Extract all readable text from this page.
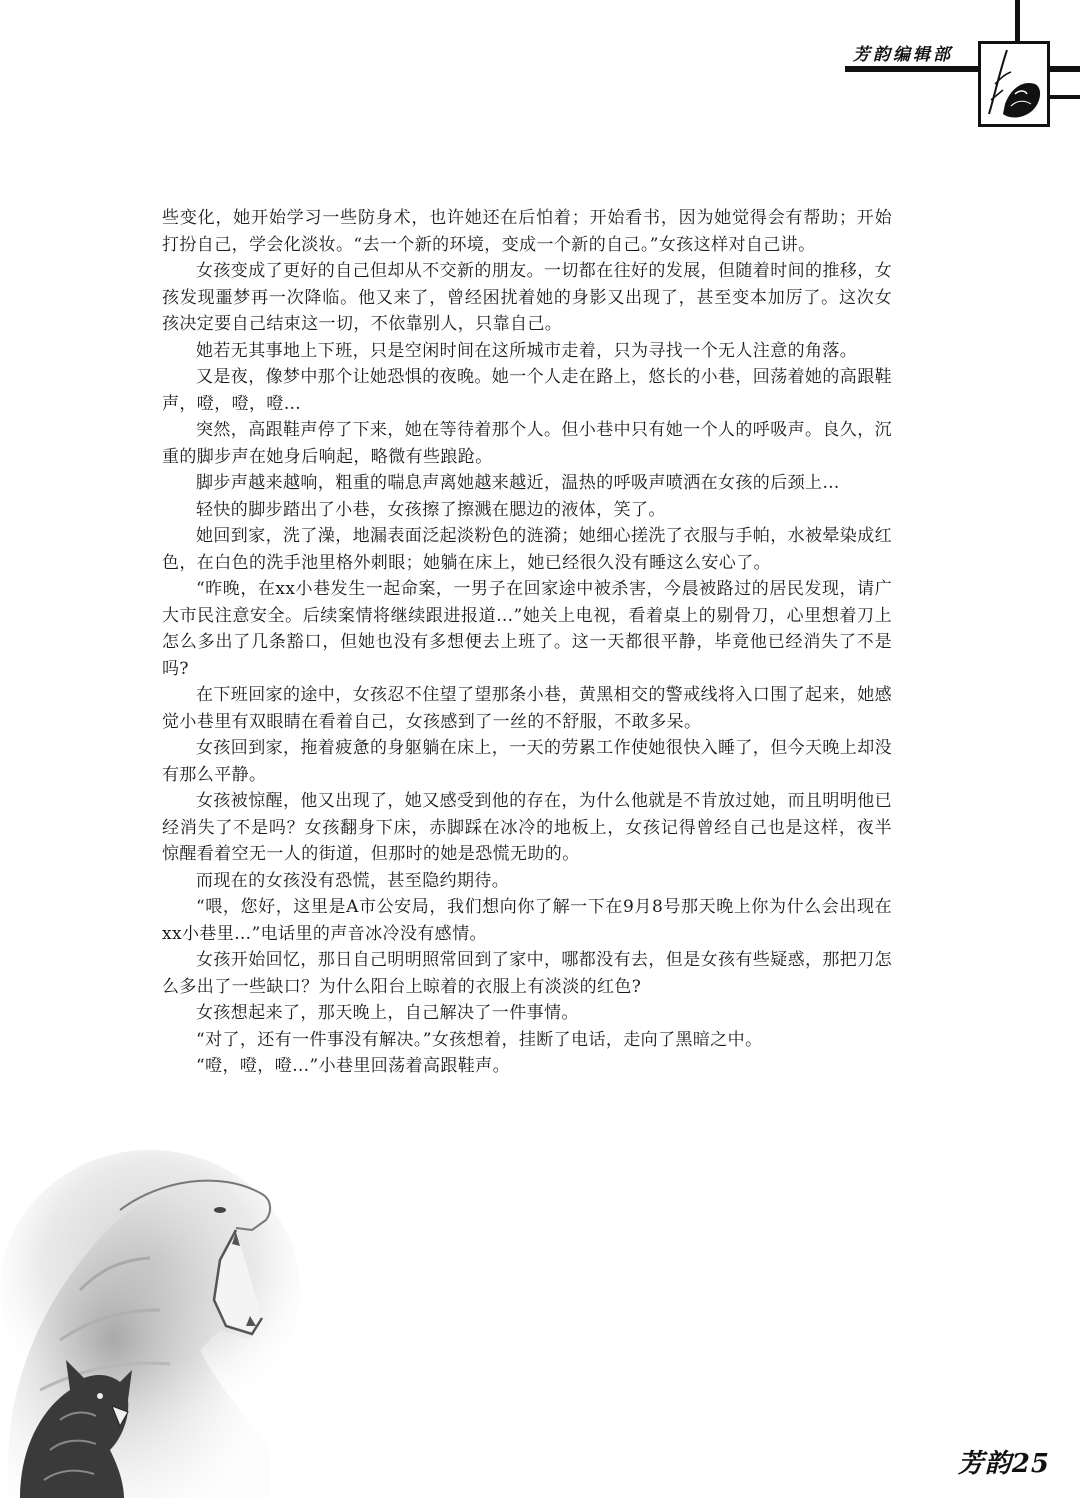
芳韵编辑部

些变化，她开始学习一些防身术，也许她还在后怕着；开始看书，因为她觉得会有帮助；开始打扮自己，学会化淡妆。“去一个新的环境，变成一个新的自己。”女孩这样对自己讲。

女孩变成了更好的自己但却从不交新的朋友。一切都在往好的发展，但随着时间的推移，女孩发现噩梦再一次降临。他又来了，曾经困扰着她的身影又出现了，甚至变本加厉了。这次女孩决定要自己结束这一切，不依靠别人，只靠自己。

她若无其事地上下班，只是空闲时间在这所城市走着，只为寻找一个无人注意的角落。

又是夜，像梦中那个让她恐惧的夜晚。她一个人走在路上，悠长的小巷，回荡着她的高跟鞋声，噔，噔，噔…

突然，高跟鞋声停了下来，她在等待着那个人。但小巷中只有她一个人的呼吸声。良久，沉重的脚步声在她身后响起，略微有些踉跄。

脚步声越来越响，粗重的喘息声离她越来越近，温热的呼吸声喷洒在女孩的后颈上…

轻快的脚步踏出了小巷，女孩擦了擦溅在腮边的液体，笑了。

她回到家，洗了澡，地漏表面泛起淡粉色的涟漪；她细心搓洗了衣服与手帕，水被晕染成红色，在白色的洗手池里格外刺眼；她躺在床上，她已经很久没有睡这么安心了。

“昨晚，在xx小巷发生一起命案，一男子在回家途中被杀害，今晨被路过的居民发现，请广大市民注意安全。后续案情将继续跟进报道…”她关上电视，看着桌上的剔骨刀，心里想着刀上怎么多出了几条豁口，但她也没有多想便去上班了。这一天都很平静，毕竟他已经消失了不是吗?

在下班回家的途中，女孩忍不住望了望那条小巷，黄黑相交的警戒线将入口围了起来，她感觉小巷里有双眼睛在看着自己，女孩感到了一丝的不舒服，不敢多呆。

女孩回到家，拖着疲惫的身躯躺在床上，一天的劳累工作使她很快入睡了，但今天晚上却没有那么平静。

女孩被惊醒，他又出现了，她又感受到他的存在，为什么他就是不肯放过她，而且明明他已经消失了不是吗？女孩翻身下床，赤脚踩在冰冷的地板上，女孩记得曾经自己也是这样，夜半惊醒看着空无一人的街道，但那时的她是恐慌无助的。

而现在的女孩没有恐慌，甚至隐约期待。

“喂，您好，这里是A市公安局，我们想向你了解一下在9月8号那天晚上你为什么会出现在xx小巷里…”电话里的声音冰冷没有感情。

女孩开始回忆，那日自己明明照常回到了家中，哪都没有去，但是女孩有些疑惑，那把刀怎么多出了一些缺口？为什么阳台上晾着的衣服上有淡淡的红色?

女孩想起来了，那天晚上，自己解决了一件事情。

“对了，还有一件事没有解决。”女孩想着，挂断了电话，走向了黑暗之中。

“噔，噔，噔…”小巷里回荡着高跟鞋声。

芳韵25
